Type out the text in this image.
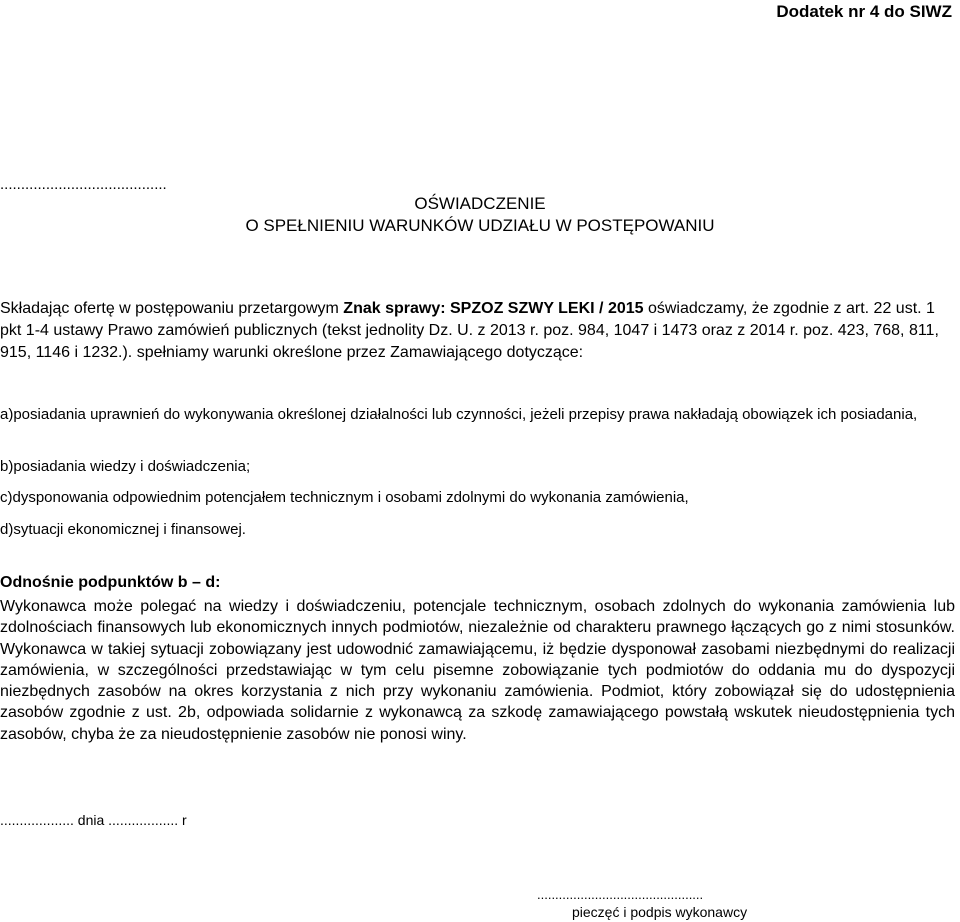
Dodatek nr 4 do SIWZ
........................................
OŚWIADCZENIE
O SPEŁNIENIU WARUNKÓW UDZIAŁU W POSTĘPOWANIU
Składając ofertę w postępowaniu przetargowym Znak sprawy: SPZOZ SZWY LEKI / 2015 oświadczamy, że zgodnie z art. 22 ust. 1 pkt 1-4 ustawy Prawo zamówień publicznych (tekst jednolity Dz. U. z 2013 r. poz. 984, 1047 i 1473 oraz z 2014 r. poz. 423, 768, 811, 915, 1146 i 1232.). spełniamy warunki określone przez Zamawiającego dotyczące:
a)posiadania uprawnień do wykonywania określonej działalności lub czynności, jeżeli przepisy prawa nakładają obowiązek ich posiadania,
b)posiadania wiedzy i doświadczenia;
c)dysponowania odpowiednim potencjałem technicznym i osobami zdolnymi do wykonania zamówienia,
d)sytuacji ekonomicznej i finansowej.
Odnośnie podpunktów b – d:
Wykonawca może polegać na wiedzy i doświadczeniu, potencjale technicznym, osobach zdolnych do wykonania zamówienia lub zdolnościach finansowych lub ekonomicznych innych podmiotów, niezależnie od charakteru prawnego łączących go z nimi stosunków. Wykonawca w takiej sytuacji zobowiązany jest udowodnić zamawiającemu, iż będzie dysponował zasobami niezbędnymi do realizacji zamówienia, w szczególności przedstawiając w tym celu pisemne zobowiązanie tych podmiotów do oddania mu do dyspozycji niezbędnych zasobów na okres korzystania z nich przy wykonaniu zamówienia. Podmiot, który zobowiązał się do udostępnienia zasobów zgodnie z ust. 2b, odpowiada solidarnie z wykonawcą za szkodę zamawiającego powstałą wskutek nieudostępnienia tych zasobów, chyba że za nieudostępnienie zasobów nie ponosi winy.
................... dnia .................. r
..............................................
pieczęć i podpis wykonawcy
